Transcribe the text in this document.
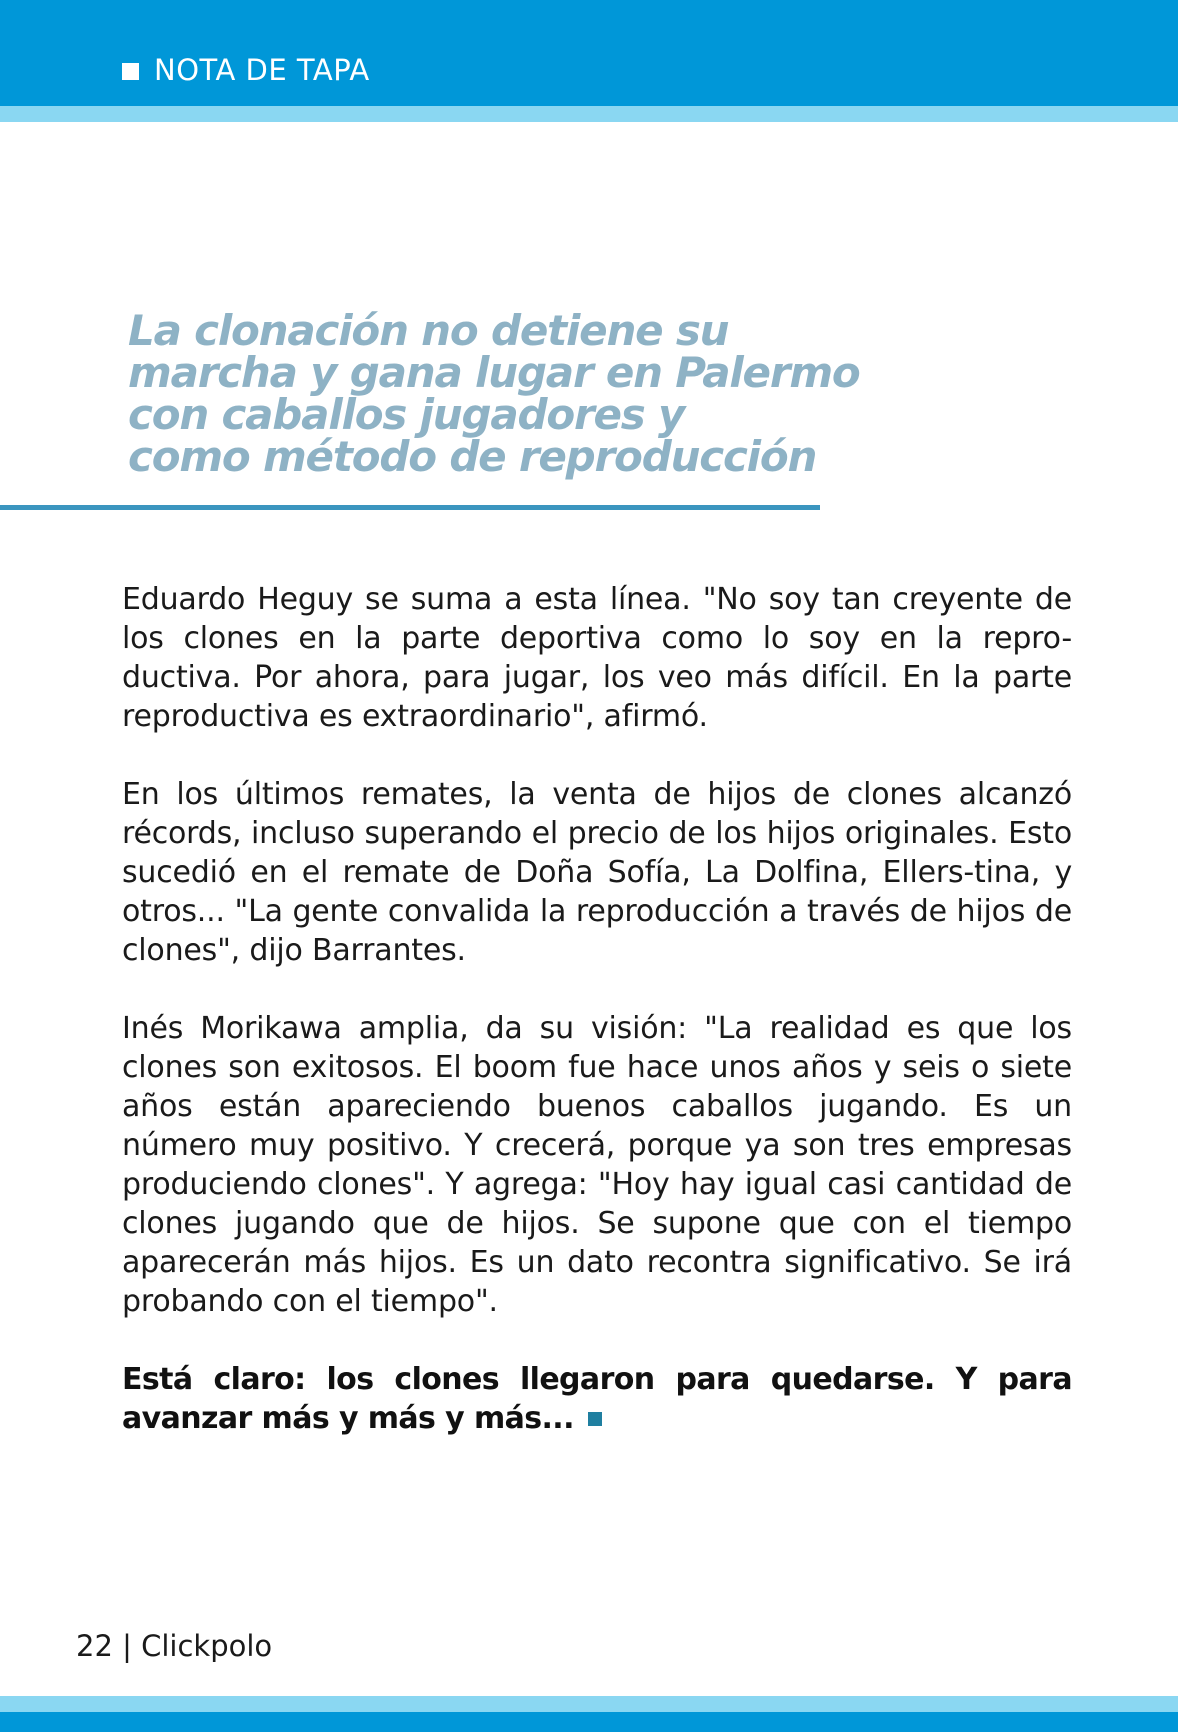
NOTA DE TAPA
La clonación no detiene su
marcha y gana lugar en Palermo
con caballos jugadores y
como método de reproducción

Eduardo Heguy se suma a esta línea. "No soy tan creyente de los clones en la parte deportiva como lo soy en la repro-ductiva. Por ahora, para jugar, los veo más difícil. En la parte reproductiva es extraordinario", afirmó.

En los últimos remates, la venta de hijos de clones alcanzó récords, incluso superando el precio de los hijos originales. Esto sucedió en el remate de Doña Sofía, La Dolfina, Ellers-tina, y otros... "La gente convalida la reproducción a través de hijos de clones", dijo Barrantes.

Inés Morikawa amplia, da su visión: "La realidad es que los clones son exitosos. El boom fue hace unos años y seis o siete años están apareciendo buenos caballos jugando. Es un número muy positivo. Y crecerá, porque ya son tres empresas produciendo clones". Y agrega: "Hoy hay igual casi cantidad de clones jugando que de hijos. Se supone que con el tiempo aparecerán más hijos. Es un dato recontra significativo. Se irá probando con el tiempo".

Está claro: los clones llegaron para quedarse. Y para avanzar más y más y más...

22 | Clickpolo
